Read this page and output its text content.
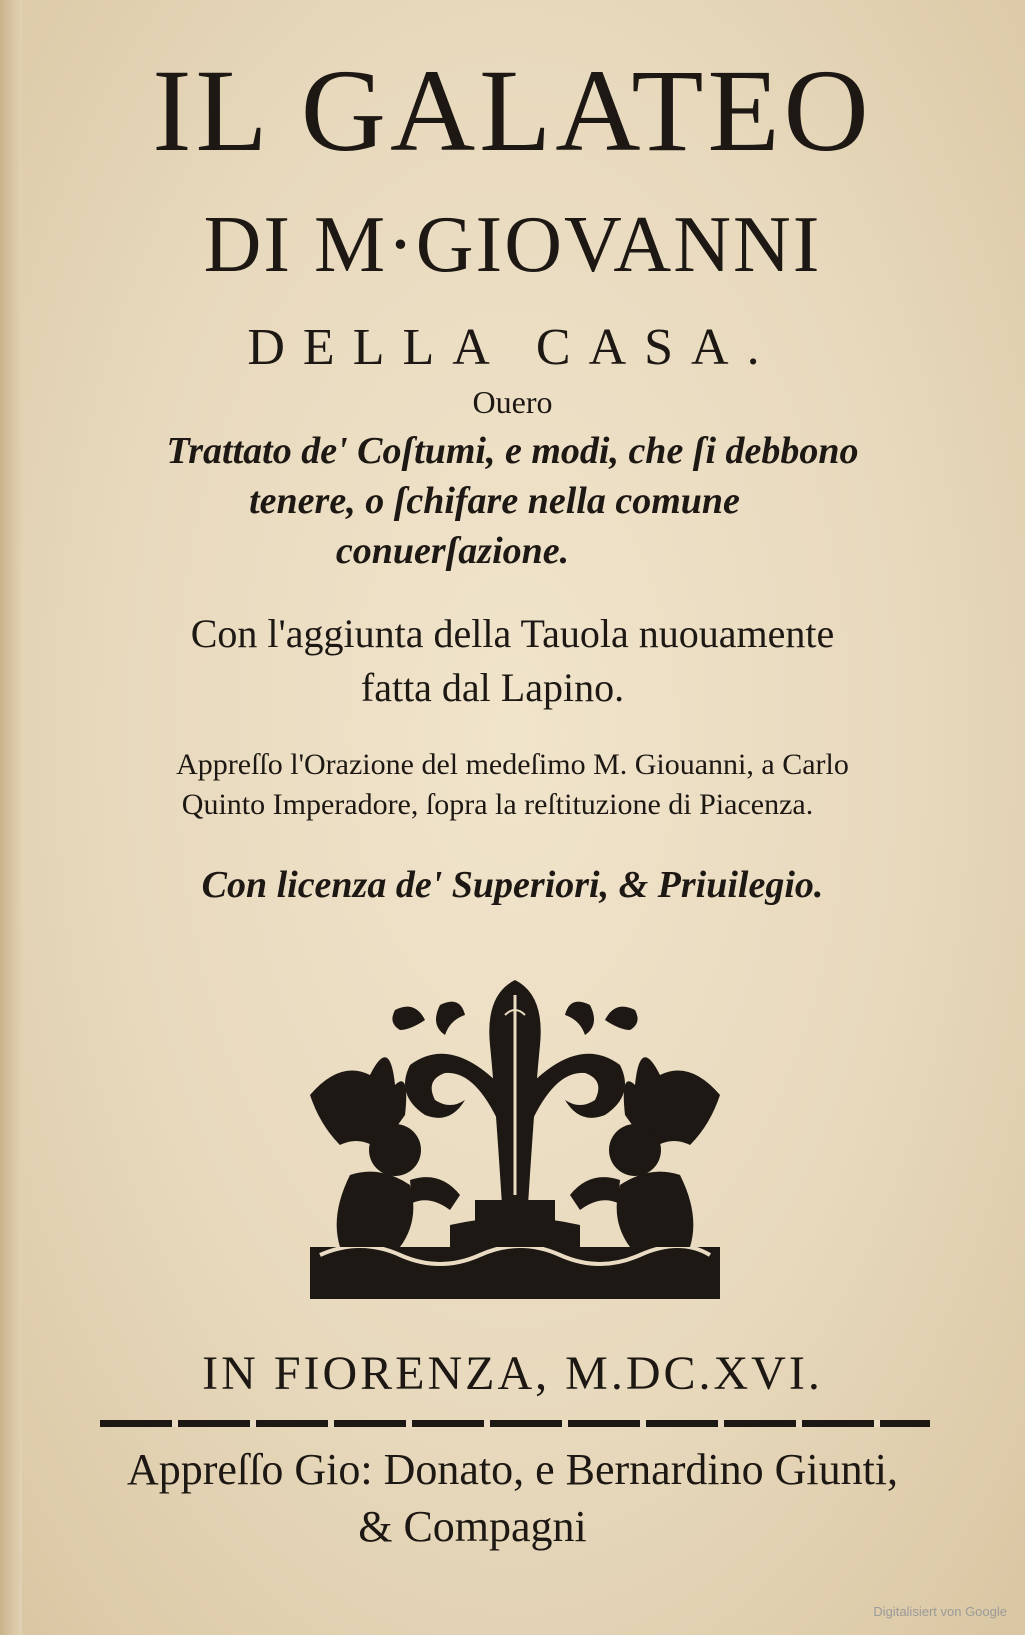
IL GALATEO
DI M·GIOVANNI
DELLA CASA.
Ouero
Trattato de' Coſtumi, e modi, che ſi debbono
tenere, o ſchifare nella comune
conuerſazione.
Con l'aggiunta della Tauola nuouamente
fatta dal Lapino.
Appreſſo l'Orazione del medeſimo M. Giouanni, a Carlo
Quinto Imperadore, ſopra la reſtituzione di Piacenza.
Con licenza de' Superiori, & Priuilegio.
IN FIORENZA, M.DC.XVI.
Appreſſo Gio: Donato, e Bernardino Giunti,
& Compagni
Digitalisiert von Google
